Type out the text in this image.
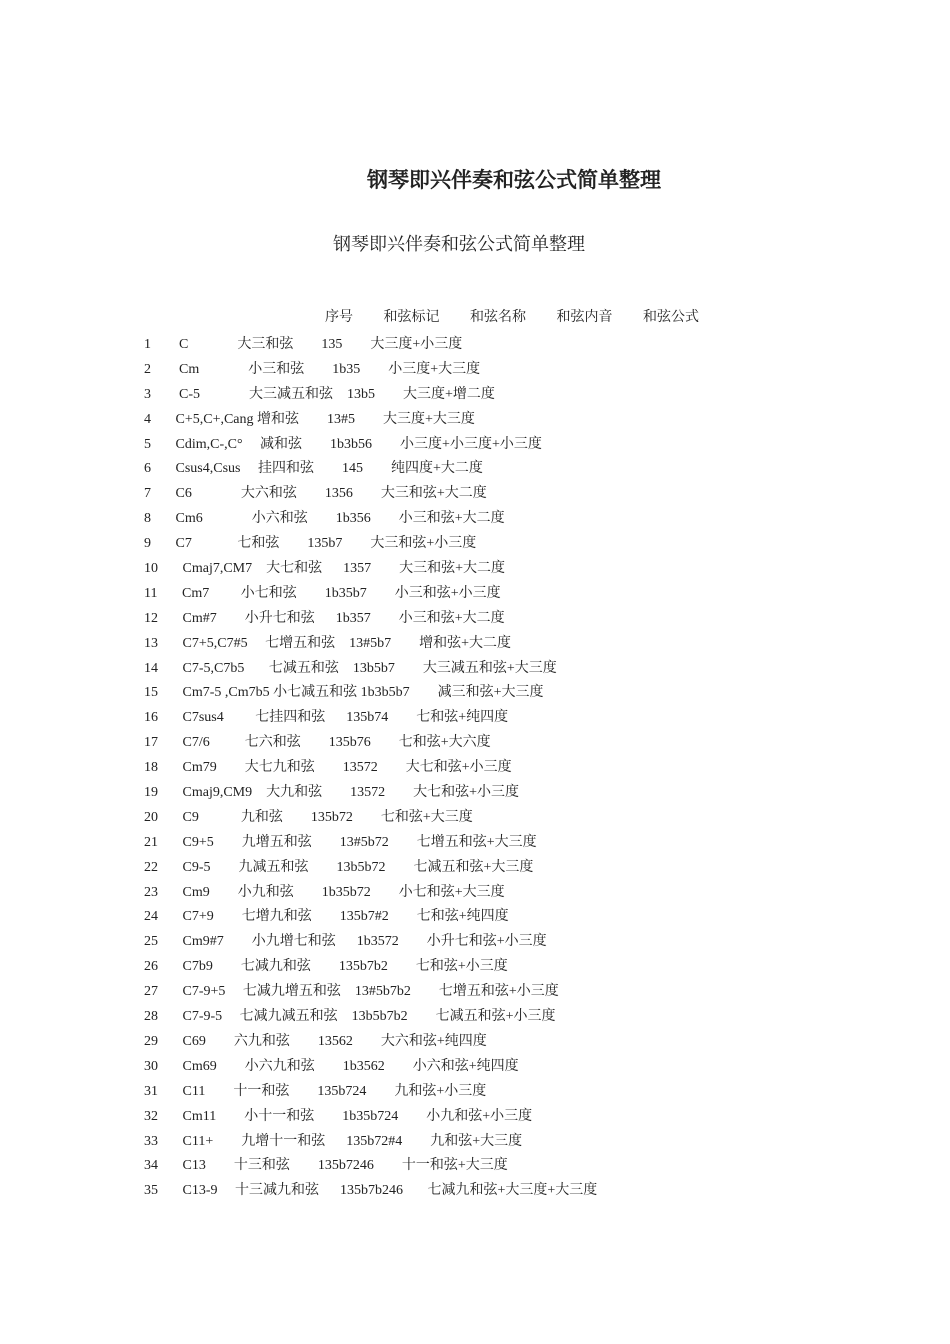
钢琴即兴伴奏和弦公式简单整理
钢琴即兴伴奏和弦公式简单整理
序号 和弦标记 和弦名称 和弦内音 和弦公式
1        C              大三和弦        135        大三度+小三度
2        Cm              小三和弦        1b35        小三度+大三度
3        C-5              大三减五和弦    13b5        大三度+增二度
4       C+5,C+,Cang 增和弦        13#5        大三度+大三度
5       Cdim,C-,C°     减和弦        1b3b56        小三度+小三度+小三度
6       Csus4,Csus     挂四和弦        145        纯四度+大二度
7       C6              大六和弦        1356        大三和弦+大二度
8       Cm6              小六和弦        1b356        小三和弦+大二度
9       C7             七和弦        135b7        大三和弦+小三度
10       Cmaj7,CM7    大七和弦      1357        大三和弦+大二度
11       Cm7         小七和弦        1b35b7        小三和弦+小三度
12       Cm#7        小升七和弦      1b357        小三和弦+大二度
13       C7+5,C7#5     七增五和弦    13#5b7        增和弦+大二度
14       C7-5,C7b5       七减五和弦    13b5b7        大三减五和弦+大三度
15       Cm7-5 ,Cm7b5 小七减五和弦 1b3b5b7        减三和弦+大三度
16       C7sus4         七挂四和弦      135b74        七和弦+纯四度
17       C7/6          七六和弦        135b76        七和弦+大六度
18       Cm79        大七九和弦        13572        大七和弦+小三度
19       Cmaj9,CM9    大九和弦        13572        大七和弦+小三度
20       C9            九和弦        135b72        七和弦+大三度
21       C9+5        九增五和弦        13#5b72        七增五和弦+大三度
22       C9-5        九减五和弦        13b5b72        七减五和弦+大三度
23       Cm9        小九和弦        1b35b72        小七和弦+大三度
24       C7+9        七增九和弦        135b7#2        七和弦+纯四度
25       Cm9#7        小九增七和弦      1b3572        小升七和弦+小三度
26       C7b9        七减九和弦        135b7b2        七和弦+小三度
27       C7-9+5     七减九增五和弦    13#5b7b2        七增五和弦+小三度
28       C7-9-5     七减九减五和弦    13b5b7b2        七减五和弦+小三度
29       C69        六九和弦        13562        大六和弦+纯四度
30       Cm69        小六九和弦        1b3562        小六和弦+纯四度
31       C11        十一和弦        135b724        九和弦+小三度
32       Cm11        小十一和弦        1b35b724        小九和弦+小三度
33       C11+        九增十一和弦      135b72#4        九和弦+大三度
34       C13        十三和弦        135b7246        十一和弦+大三度
35       C13-9     十三减九和弦      135b7b246       七减九和弦+大三度+大三度
